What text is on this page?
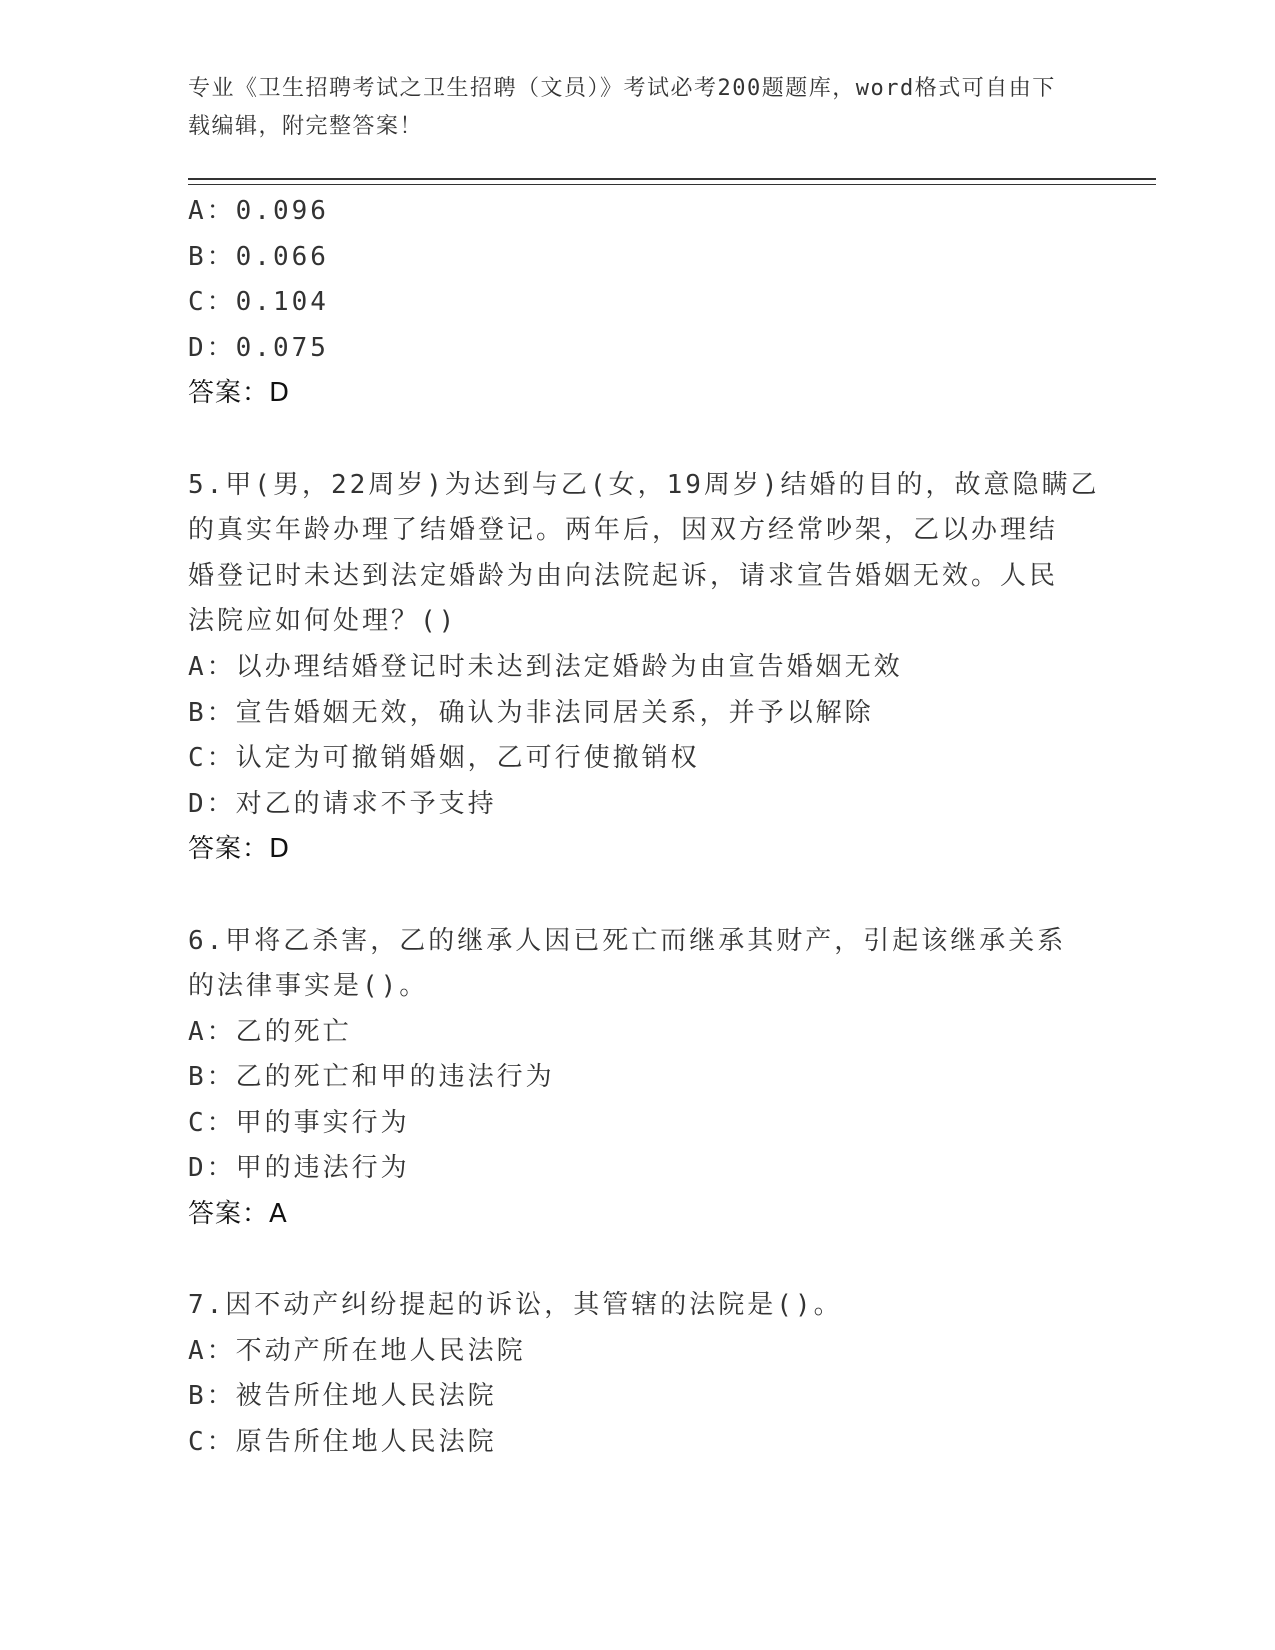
专业《卫生招聘考试之卫生招聘（文员）》考试必考200题题库，word格式可自由下载编辑，附完整答案！
A：0.096
B：0.066
C：0.104
D：0.075
答案：D
5.甲(男，22周岁)为达到与乙(女，19周岁)结婚的目的，故意隐瞒乙
的真实年龄办理了结婚登记。两年后，因双方经常吵架，乙以办理结
婚登记时未达到法定婚龄为由向法院起诉，请求宣告婚姻无效。人民
法院应如何处理？()
A：以办理结婚登记时未达到法定婚龄为由宣告婚姻无效
B：宣告婚姻无效，确认为非法同居关系，并予以解除
C：认定为可撤销婚姻，乙可行使撤销权
D：对乙的请求不予支持
答案：D
6.甲将乙杀害，乙的继承人因已死亡而继承其财产，引起该继承关系
的法律事实是()。
A：乙的死亡
B：乙的死亡和甲的违法行为
C：甲的事实行为
D：甲的违法行为
答案：A
7.因不动产纠纷提起的诉讼，其管辖的法院是()。
A：不动产所在地人民法院
B：被告所住地人民法院
C：原告所住地人民法院
